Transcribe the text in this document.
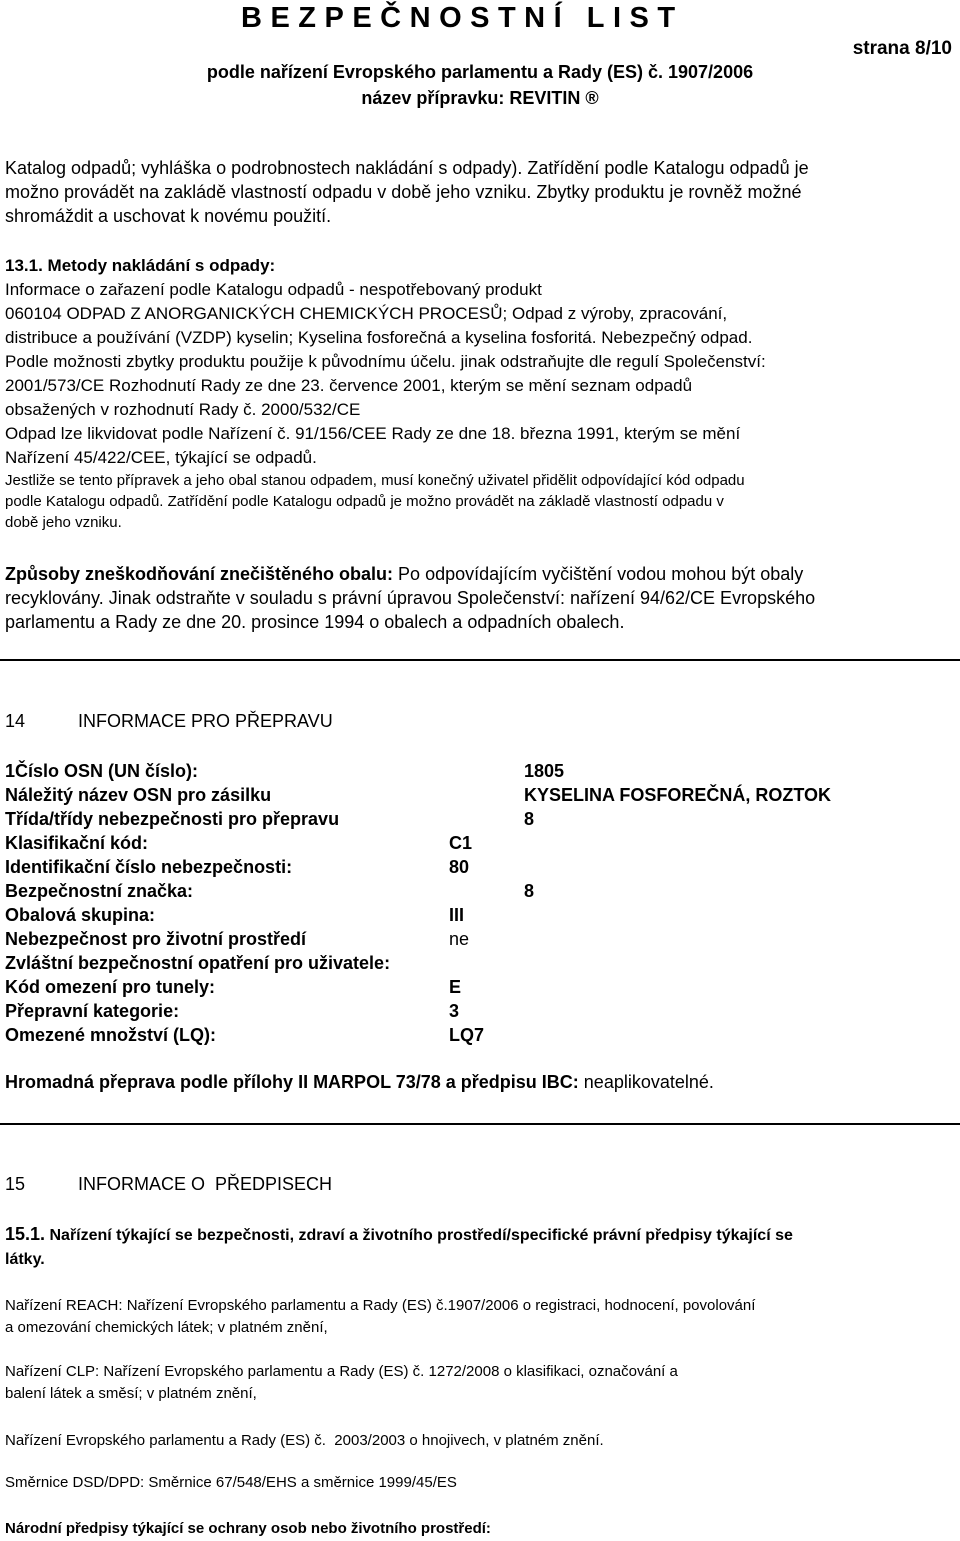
BEZPEČNOSTNÍ LIST
strana 8/10
podle nařízení Evropského parlamentu a Rady (ES) č. 1907/2006
název přípravku: REVITIN ®
Katalog odpadů; vyhláška o podrobnostech nakládání s odpady). Zatřídění podle Katalogu odpadů je
možno provádět na zakládě vlastností odpadu v době jeho vzniku. Zbytky produktu je rovněž možné
shromáždit a uschovat k novému použití.
13.1. Metody nakládání s odpady:
Informace o zařazení podle Katalogu odpadů - nespotřebovaný produkt
060104 ODPAD Z ANORGANICKÝCH CHEMICKÝCH PROCESŮ; Odpad z výroby, zpracování,
distribuce a používání (VZDP) kyselin; Kyselina fosforečná a kyselina fosforitá. Nebezpečný odpad.
Podle možnosti zbytky produktu použije k původnímu účelu. jinak odstraňujte dle regulí Společenství:
2001/573/CE Rozhodnutí Rady ze dne 23. července 2001, kterým se mění seznam odpadů
obsažených v rozhodnutí Rady č. 2000/532/CE
Odpad lze likvidovat podle Nařízení č. 91/156/CEE Rady ze dne 18. března 1991, kterým se mění
Nařízení 45/422/CEE, týkající se odpadů.
Jestliže se tento přípravek a jeho obal stanou odpadem, musí konečný uživatel přidělit odpovídající kód odpadu
podle Katalogu odpadů. Zatřídění podle Katalogu odpadů je možno provádět na základě vlastností odpadu v
době jeho vzniku.
Způsoby zneškodňování znečištěného obalu: Po odpovídajícím vyčištění vodou mohou být obaly
recyklovány. Jinak odstraňte v souladu s právní úpravou Společenství: nařízení 94/62/CE Evropského
parlamentu a Rady ze dne 20. prosince 1994 o obalech a odpadních obalech.
14	INFORMACE PRO PŘEPRAVU
1Číslo OSN (UN číslo):	1805
Náležitý název OSN pro zásilku	KYSELINA FOSFOREČNÁ, ROZTOK
Třída/třídy nebezpečnosti pro přepravu	8
Klasifikační kód:	C1
Identifikační číslo nebezpečnosti:	80
Bezpečnostní značka:	8
Obalová skupina:	III
Nebezpečnost pro životní prostředí	ne
Zvláštní bezpečnostní opatření pro uživatele:
Kód omezení pro tunely:	E
Přepravní kategorie:	3
Omezené množství (LQ):	LQ7
Hromadná přeprava podle přílohy II MARPOL 73/78 a předpisu IBC: neaplikovatelné.
15	INFORMACE O  PŘEDPISECH
15.1. Nařízení týkající se bezpečnosti, zdraví a životního prostředí/specifické právní předpisy týkající se
látky.
Nařízení REACH: Nařízení Evropského parlamentu a Rady (ES) č.1907/2006 o registraci, hodnocení, povolování
a omezování chemických látek; v platném znění,
Nařízení CLP: Nařízení Evropského parlamentu a Rady (ES) č. 1272/2008 o klasifikaci, označování a
balení látek a směsí; v platném znění,
Nařízení Evropského parlamentu a Rady (ES) č.  2003/2003 o hnojivech, v platném znění.
Směrnice DSD/DPD: Směrnice 67/548/EHS a směrnice 1999/45/ES
Národní předpisy týkající se ochrany osob nebo životního prostředí:
